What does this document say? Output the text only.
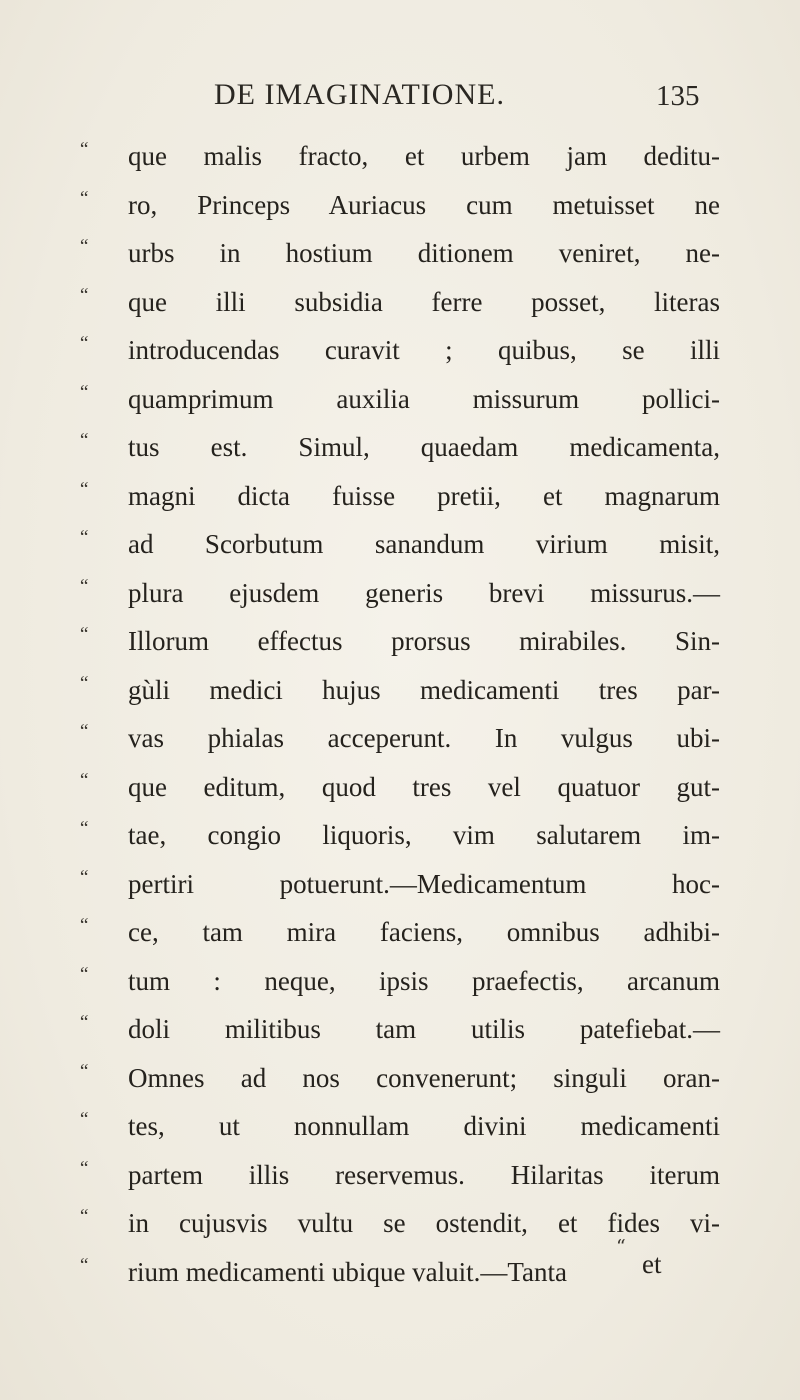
DE IMAGINATIONE.	135
“ que malis fracto, et urbem jam deditu-
“ ro, Princeps Auriacus cum metuisset ne
“ urbs in hostium ditionem veniret, ne-
“ que illi subsidia ferre posset, literas
“ introducendas curavit ; quibus, se illi
“ quamprimum auxilia missurum pollici-
“ tus est. Simul, quaedam medicamenta,
“ magni dicta fuisse pretii, et magnarum
“ ad Scorbutum sanandum virium misit,
“ plura ejusdem generis brevi missurus.—
“ Illorum effectus prorsus mirabiles. Sin-
“ gùli medici hujus medicamenti tres par-
“ vas phialas acceperunt. In vulgus ubi-
“ que editum, quod tres vel quatuor gut-
“ tae, congio liquoris, vim salutarem im-
“ pertiri potuerunt.—Medicamentum hoc-
“ ce, tam mira faciens, omnibus adhibi-
“ tum : neque, ipsis praefectis, arcanum
“ doli militibus tam utilis patefiebat.—
“ Omnes ad nos convenerunt; singuli oran-
“ tes, ut nonnullam divini medicamenti
“ partem illis reservemus. Hilaritas iterum
“ in cujusvis vultu se ostendit, et fides vi-
“ rium medicamenti ubique valuit.—Tanta
“
et
